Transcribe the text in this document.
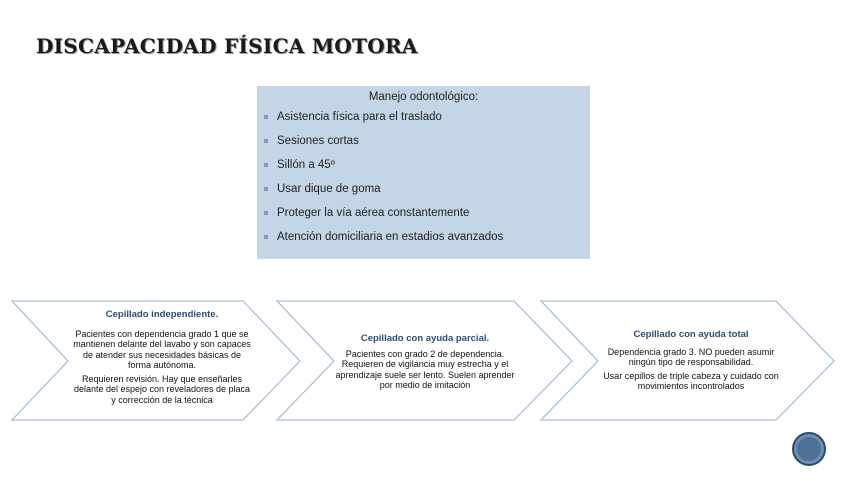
DISCAPACIDAD FÍSICA MOTORA
Manejo odontológico:
Asistencia física para el traslado
Sesiones cortas
Sillón a 45º
Usar dique de goma
Proteger la vía aérea constantemente
Atención domiciliaria en estadios avanzados
Cepillado independiente.

Pacientes con dependencia grado 1 que se mantienen delante del lavabo y son capaces de atender sus necesidades básicas de forma autónoma.

Requieren revisión. Hay que enseñarles delante del espejo con reveladores de placa y corrección de la técnica

Cepillado con ayuda parcial.

Pacientes con grado 2 de dependencia. Requieren de vigilancia muy estrecha y el aprendizaje suele ser lento. Suelen aprender por medio de imitación

Cepillado con ayuda total

Dependencia grado 3. NO pueden asumir ningún tipo de responsabilidad.

Usar cepillos de triple cabeza y cuidado con movimientos incontrolados
